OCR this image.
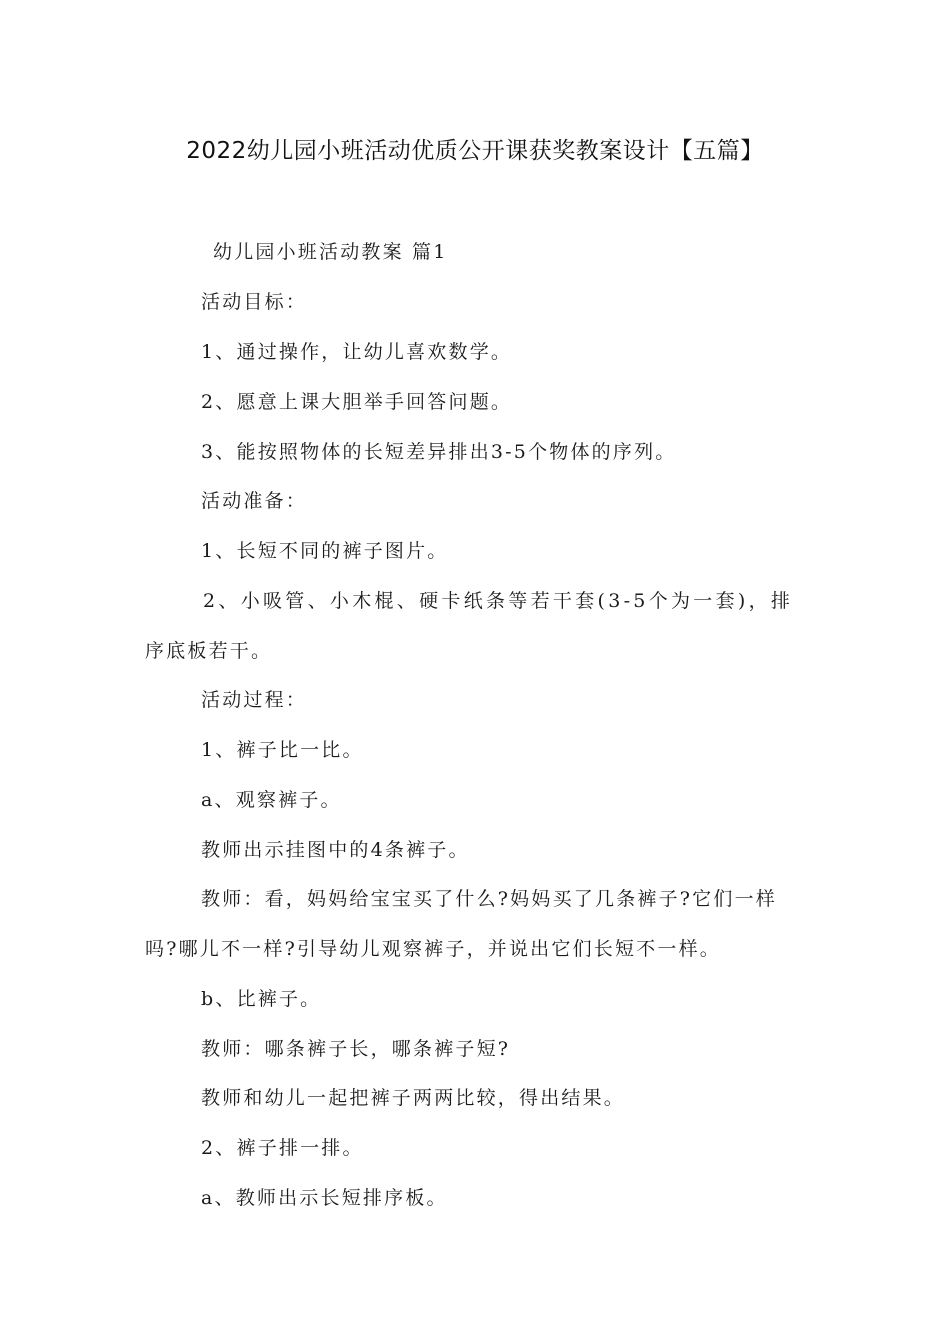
2022幼儿园小班活动优质公开课获奖教案设计【五篇】
幼儿园小班活动教案 篇1
活动目标：
1、通过操作，让幼儿喜欢数学。
2、愿意上课大胆举手回答问题。
3、能按照物体的长短差异排出3-5个物体的序列。
活动准备：
1、长短不同的裤子图片。
2、小吸管、小木棍、硬卡纸条等若干套(3-5个为一套)，排
序底板若干。
活动过程：
1、裤子比一比。
a、观察裤子。
教师出示挂图中的4条裤子。
教师：看，妈妈给宝宝买了什么?妈妈买了几条裤子?它们一样
吗?哪儿不一样?引导幼儿观察裤子，并说出它们长短不一样。
b、比裤子。
教师：哪条裤子长，哪条裤子短?
教师和幼儿一起把裤子两两比较，得出结果。
2、裤子排一排。
a、教师出示长短排序板。
